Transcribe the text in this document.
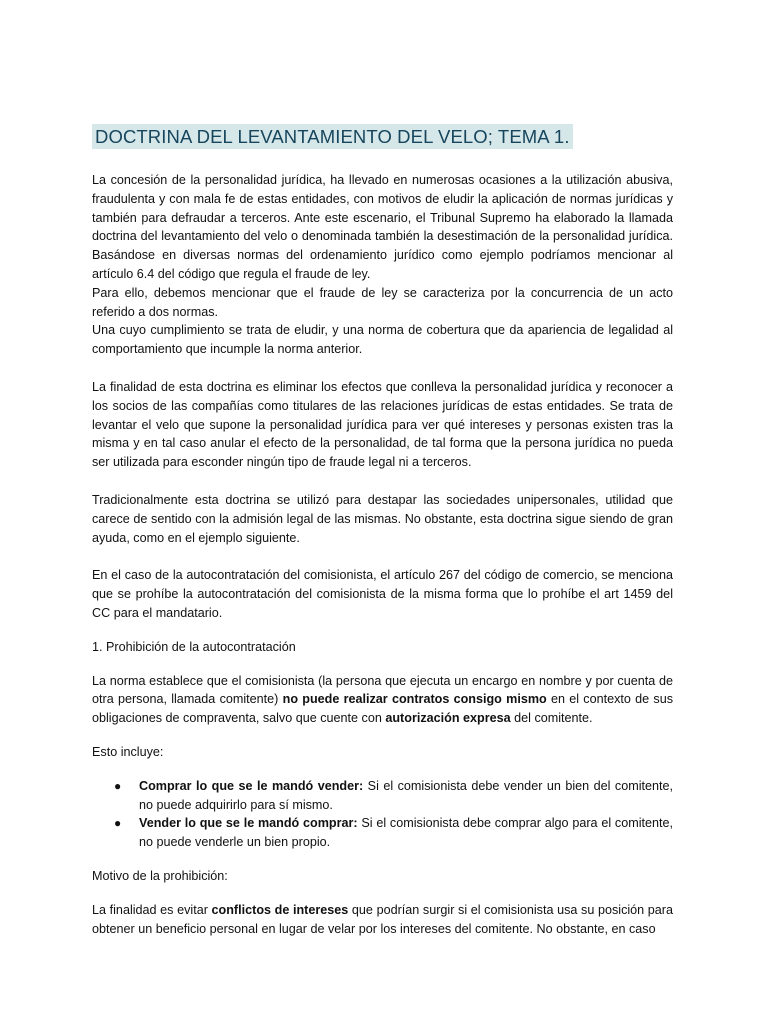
DOCTRINA DEL LEVANTAMIENTO DEL VELO; TEMA 1.

La concesión de la personalidad jurídica, ha llevado en numerosas ocasiones a la utilización abusiva, fraudulenta y con mala fe de estas entidades, con motivos de eludir la aplicación de normas jurídicas y también para defraudar a terceros. Ante este escenario, el Tribunal Supremo ha elaborado la llamada doctrina del levantamiento del velo o denominada también la desestimación de la personalidad jurídica. Basándose en diversas normas del ordenamiento jurídico como ejemplo podríamos mencionar al artículo 6.4 del código que regula el fraude de ley.

Para ello, debemos mencionar que el fraude de ley se caracteriza por la concurrencia de un acto referido a dos normas.

Una cuyo cumplimiento se trata de eludir, y una norma de cobertura que da apariencia de legalidad al comportamiento que incumple la norma anterior.

La finalidad de esta doctrina es eliminar los efectos que conlleva la personalidad jurídica y reconocer a los socios de las compañías como titulares de las relaciones jurídicas de estas entidades. Se trata de levantar el velo que supone la personalidad jurídica para ver qué intereses y personas existen tras la misma y en tal caso anular el efecto de la personalidad, de tal forma que la persona jurídica no pueda ser utilizada para esconder ningún tipo de fraude legal ni a terceros.

Tradicionalmente esta doctrina se utilizó para destapar las sociedades unipersonales, utilidad que carece de sentido con la admisión legal de las mismas. No obstante, esta doctrina sigue siendo de gran ayuda, como en el ejemplo siguiente.

En el caso de la autocontratación del comisionista, el artículo 267 del código de comercio, se menciona que se prohíbe la autocontratación del comisionista de la misma forma que lo prohíbe el art 1459 del CC para el mandatario.

1. Prohibición de la autocontratación

La norma establece que el comisionista (la persona que ejecuta un encargo en nombre y por cuenta de otra persona, llamada comitente) no puede realizar contratos consigo mismo en el contexto de sus obligaciones de compraventa, salvo que cuente con autorización expresa del comitente.

Esto incluye:

● Comprar lo que se le mandó vender: Si el comisionista debe vender un bien del comitente, no puede adquirirlo para sí mismo.
● Vender lo que se le mandó comprar: Si el comisionista debe comprar algo para el comitente, no puede venderle un bien propio.

Motivo de la prohibición:

La finalidad es evitar conflictos de intereses que podrían surgir si el comisionista usa su posición para obtener un beneficio personal en lugar de velar por los intereses del comitente. No obstante, en caso
